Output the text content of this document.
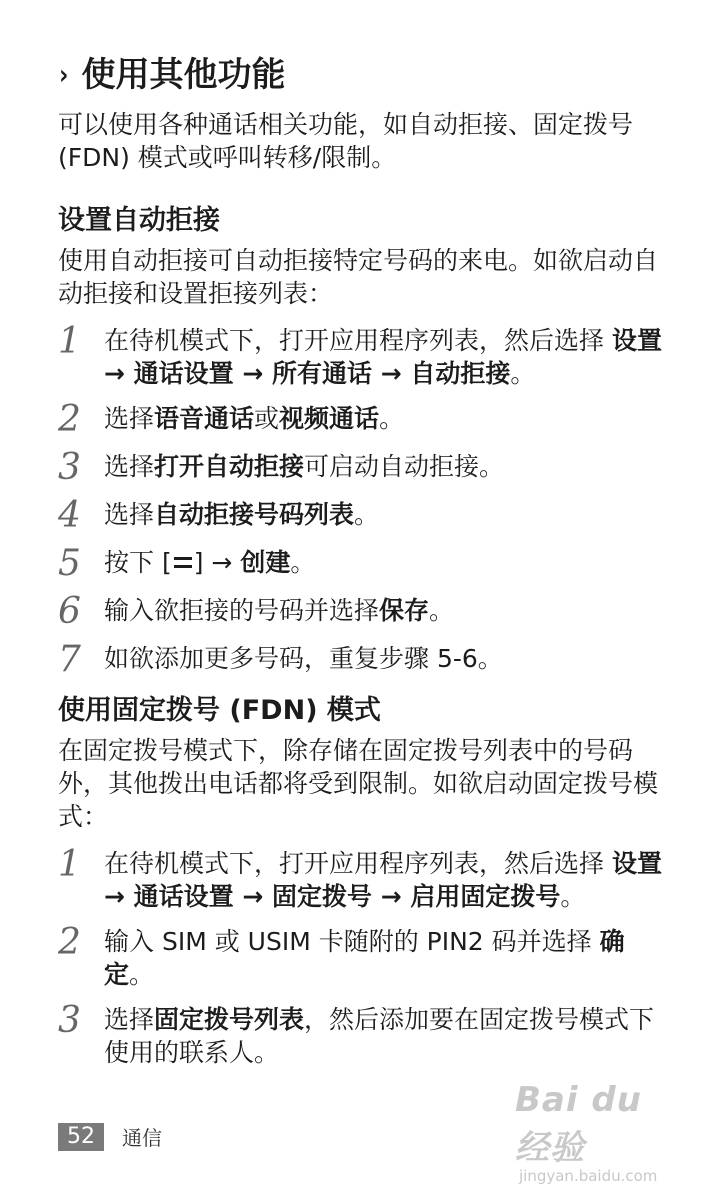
› 使用其他功能

可以使用各种通话相关功能，如自动拒接、固定拨号 (FDN) 模式或呼叫转移/限制。

设置自动拒接

使用自动拒接可自动拒接特定号码的来电。如欲启动自动拒接和设置拒接列表：

1 在待机模式下，打开应用程序列表，然后选择 设置 → 通话设置 → 所有通话 → 自动拒接。
2 选择语音通话或视频通话。
3 选择打开自动拒接可启动自动拒接。
4 选择自动拒接号码列表。
5 按下 [ ] → 创建。
6 输入欲拒接的号码并选择保存。
7 如欲添加更多号码，重复步骤 5-6。
使用固定拨号 (FDN) 模式

在固定拨号模式下，除存储在固定拨号列表中的号码外，其他拨出电话都将受到限制。如欲启动固定拨号模式：

1 在待机模式下，打开应用程序列表，然后选择 设置 → 通话设置 → 固定拨号 → 启用固定拨号。
2 输入 SIM 或 USIM 卡随附的 PIN2 码并选择 确定。
3 选择固定拨号列表，然后添加要在固定拨号模式下使用的联系人。
52	通信
Bai du 经验
jingyan.baidu.com
